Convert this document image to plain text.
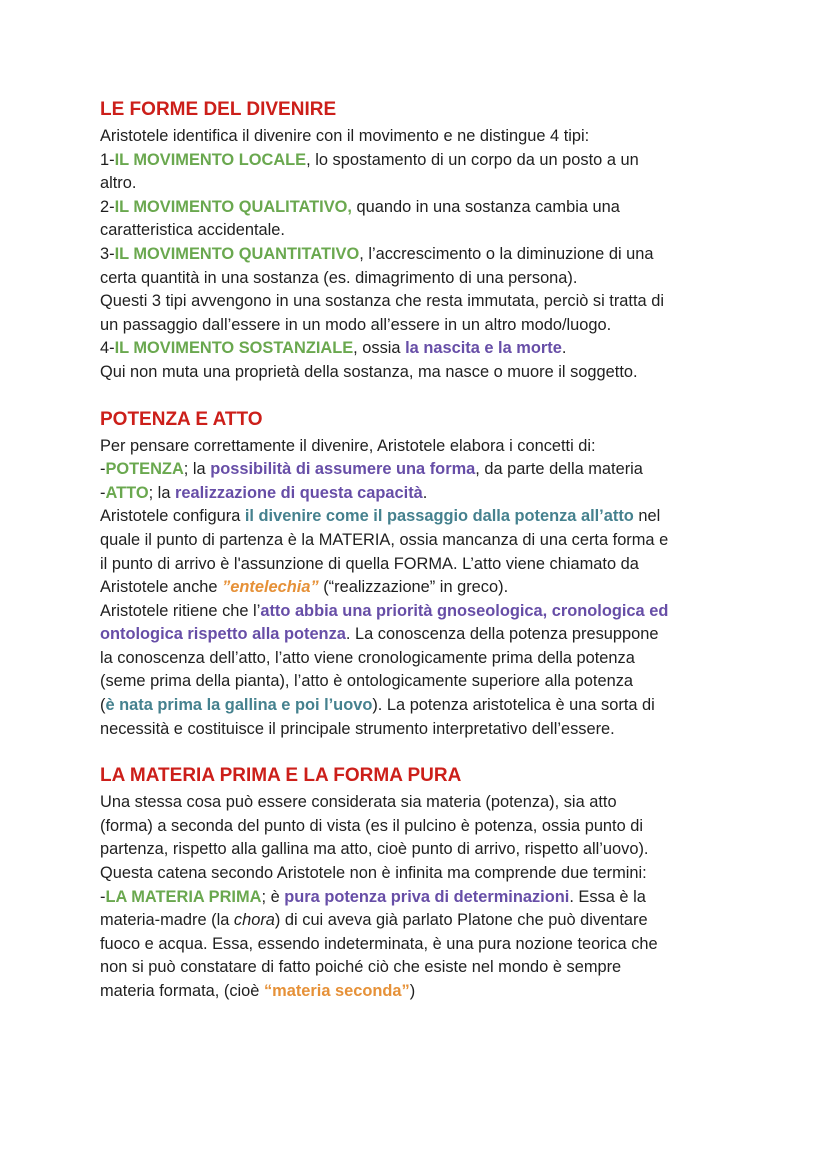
LE FORME DEL DIVENIRE

Aristotele identifica il divenire con il movimento e ne distingue 4 tipi:

1-IL MOVIMENTO LOCALE, lo spostamento di un corpo da un posto a un

altro.

2-IL MOVIMENTO QUALITATIVO, quando in una sostanza cambia una

caratteristica accidentale.

3-IL MOVIMENTO QUANTITATIVO, l’accrescimento o la diminuzione di una

certa quantità in una sostanza (es. dimagrimento di una persona).

Questi 3 tipi avvengono in una sostanza che resta immutata, perciò si tratta di

un passaggio dall’essere in un modo all’essere in un altro modo/luogo.

4-IL MOVIMENTO SOSTANZIALE, ossia la nascita e la morte.

Qui non muta una proprietà della sostanza, ma nasce o muore il soggetto.

POTENZA E ATTO

Per pensare correttamente il divenire, Aristotele elabora i concetti di:

-POTENZA; la possibilità di assumere una forma, da parte della materia

-ATTO; la realizzazione di questa capacità.

Aristotele configura il divenire come il passaggio dalla potenza all’atto nel

quale il punto di partenza è la MATERIA, ossia mancanza di una certa forma e

il punto di arrivo è l'assunzione di quella FORMA. L’atto viene chiamato da

Aristotele anche ”entelechia” (“realizzazione” in greco).

Aristotele ritiene che l’atto abbia una priorità gnoseologica, cronologica ed

ontologica rispetto alla potenza. La conoscenza della potenza presuppone

la conoscenza dell’atto, l’atto viene cronologicamente prima della potenza

(seme prima della pianta), l’atto è ontologicamente superiore alla potenza

(è nata prima la gallina e poi l’uovo). La potenza aristotelica è una sorta di

necessità e costituisce il principale strumento interpretativo dell’essere.

LA MATERIA PRIMA E LA FORMA PURA

Una stessa cosa può essere considerata sia materia (potenza), sia atto

(forma) a seconda del punto di vista (es il pulcino è potenza, ossia punto di

partenza, rispetto alla gallina ma atto, cioè punto di arrivo, rispetto all’uovo).

Questa catena secondo Aristotele non è infinita ma comprende due termini:

-LA MATERIA PRIMA; è pura potenza priva di determinazioni. Essa è la

materia-madre (la chora) di cui aveva già parlato Platone che può diventare

fuoco e acqua. Essa, essendo indeterminata, è una pura nozione teorica che

non si può constatare di fatto poiché ciò che esiste nel mondo è sempre

materia formata, (cioè “materia seconda”)
